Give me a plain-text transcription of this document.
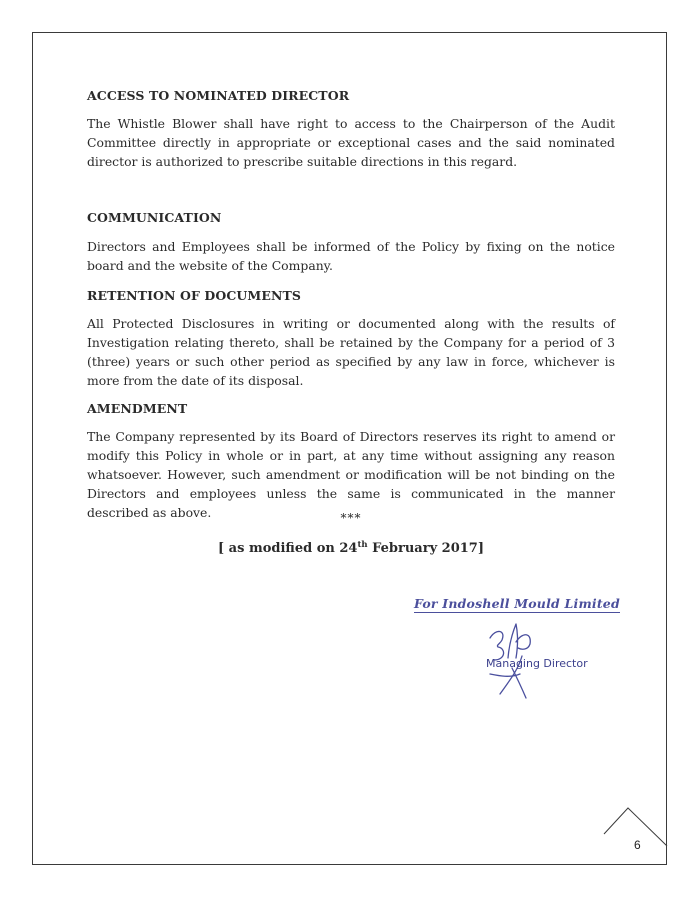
ACCESS TO NOMINATED DIRECTOR
The Whistle Blower shall have right to access to the Chairperson of the Audit Committee directly in appropriate or exceptional cases and the said nominated director is authorized to prescribe suitable directions in this regard.
COMMUNICATION
Directors and Employees shall be informed of the Policy by fixing on the notice board and the website of the Company.
RETENTION OF DOCUMENTS
All Protected Disclosures in writing or documented along with the results of Investigation relating thereto, shall be retained by the Company for a period of 3 (three) years or such other period as specified by any law in force, whichever is more from the date of its disposal.
AMENDMENT
The Company represented by its Board of Directors reserves its right to amend or modify this Policy in whole or in part, at any time without assigning any reason whatsoever. However, such amendment or modification will be not binding on the Directors and employees unless the same is communicated in the manner described as above.	***
[ as modified on 24th February 2017]
For Indoshell Mould Limited
Managing Director
6
